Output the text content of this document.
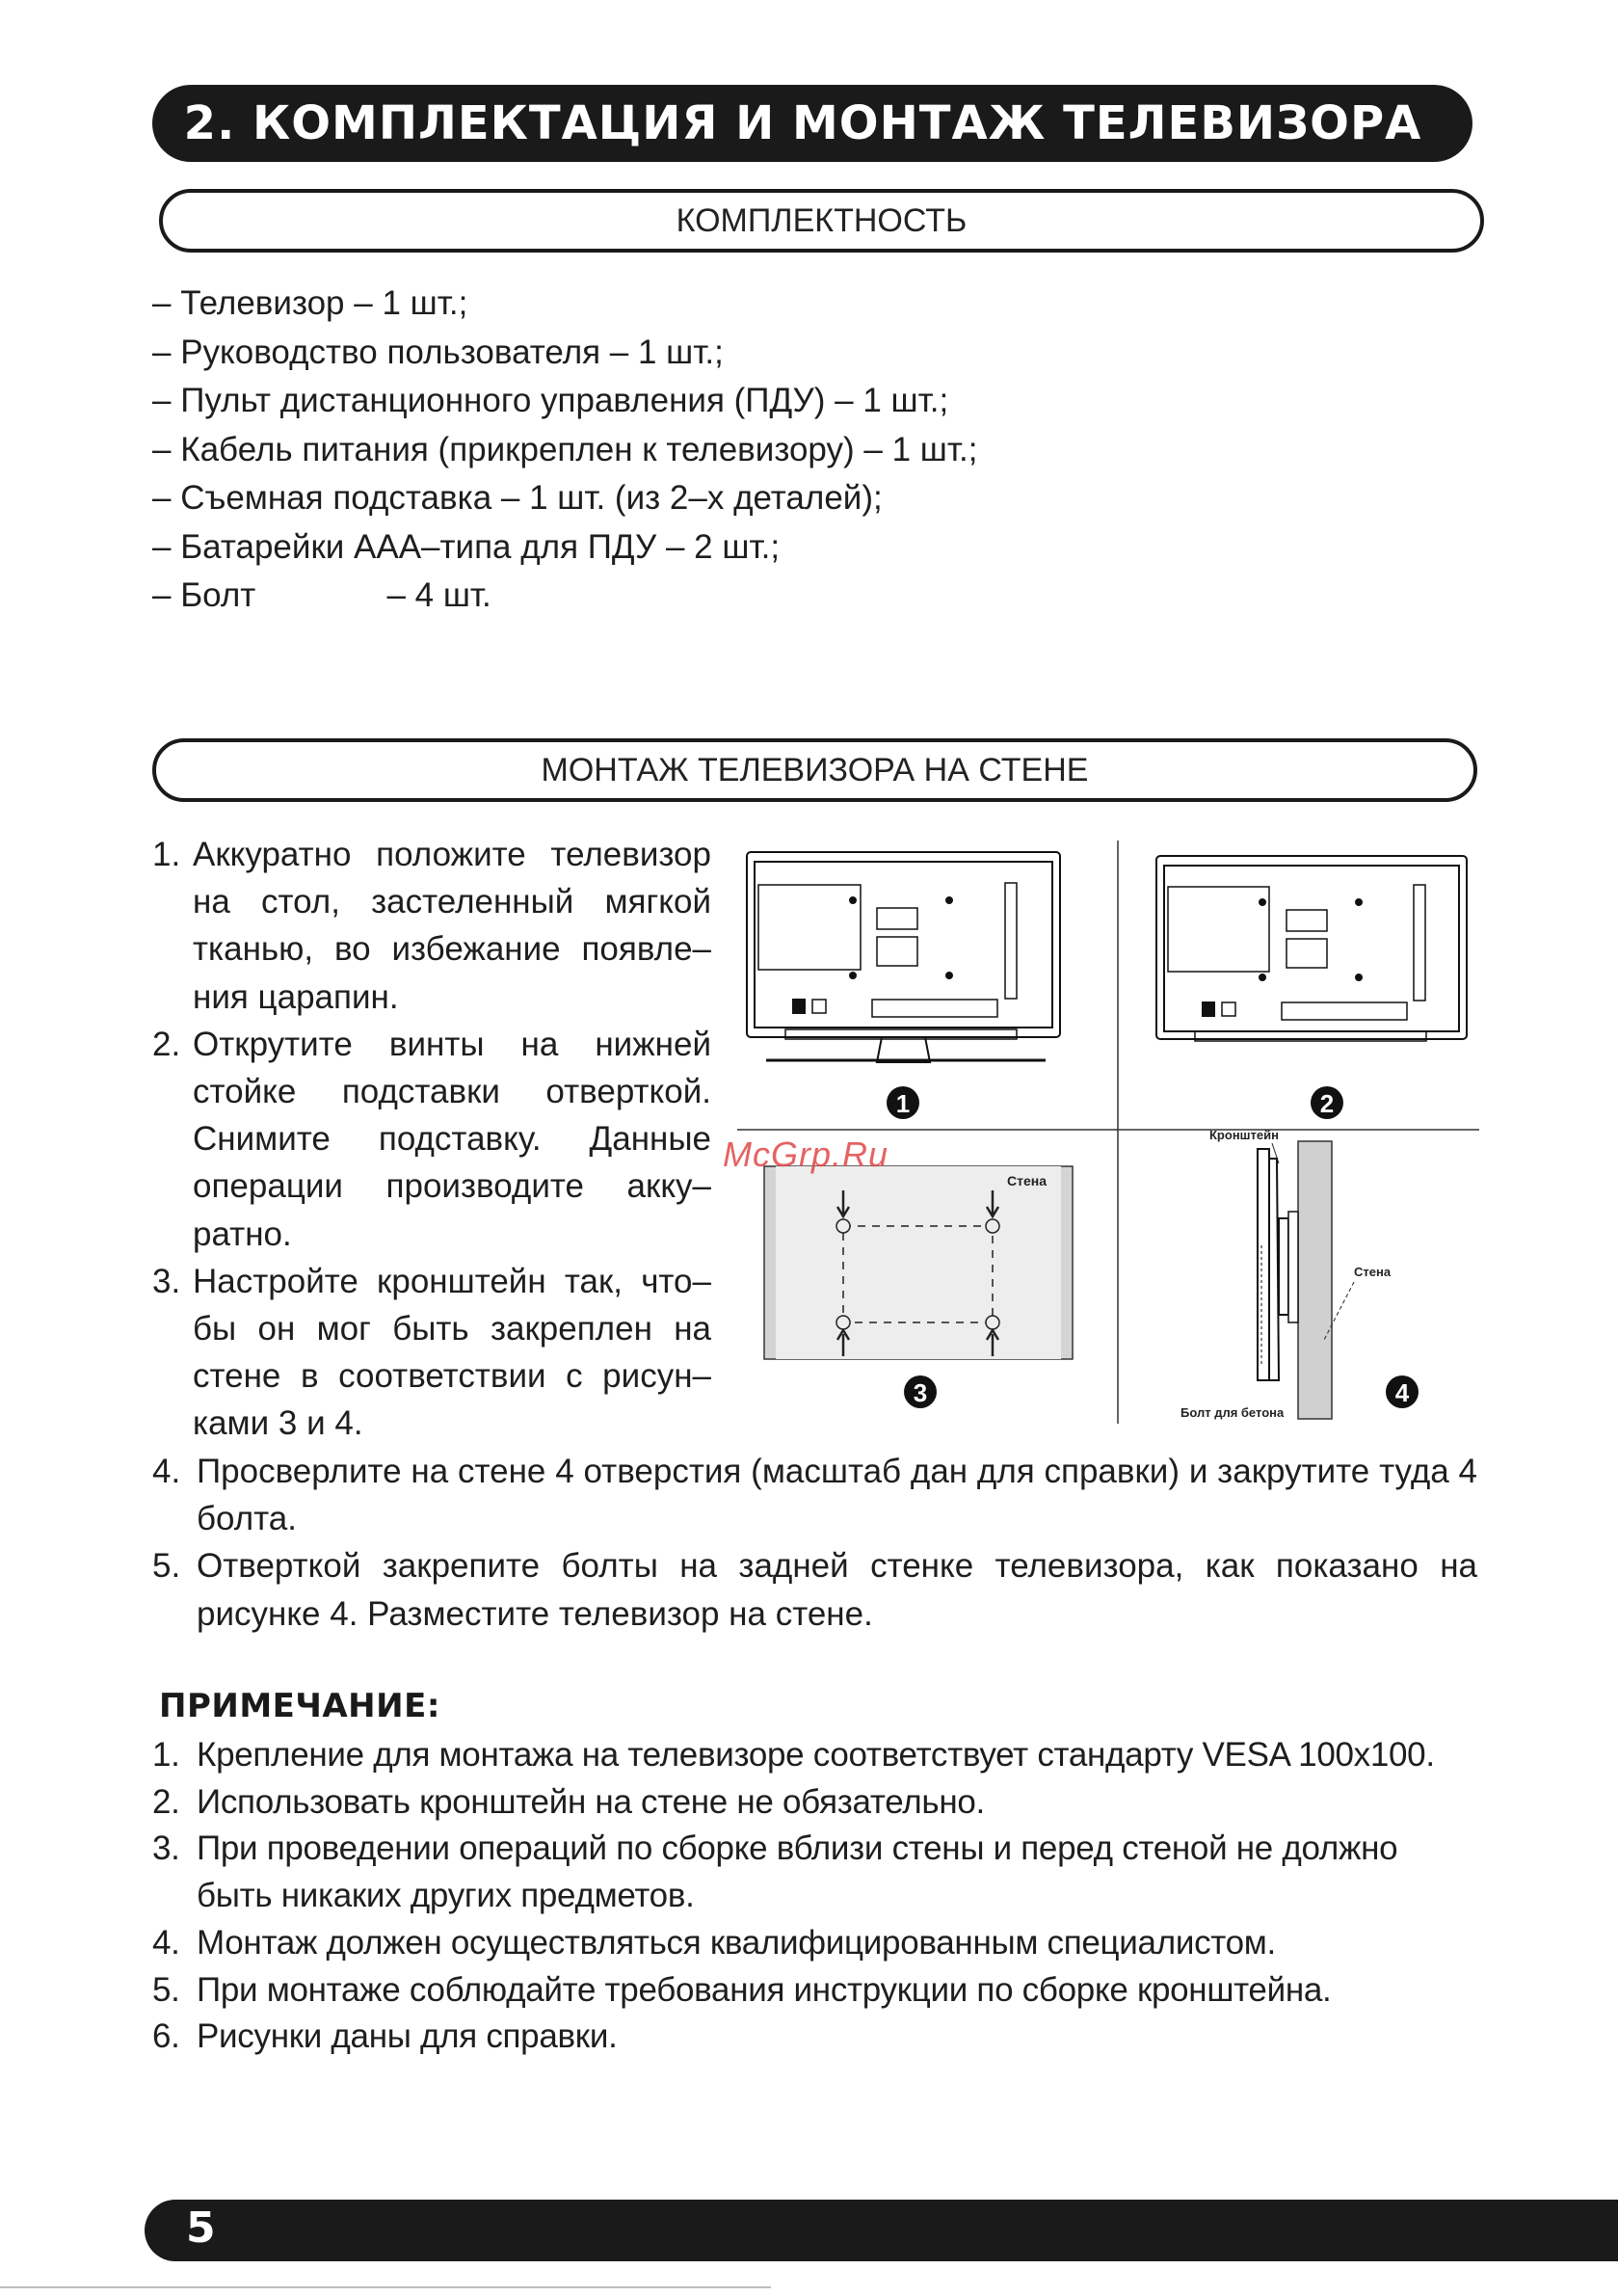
2. КОМПЛЕКТАЦИЯ И МОНТАЖ ТЕЛЕВИЗОРА
КОМПЛЕКТНОСТЬ
– Телевизор – 1 шт.;
– Руководство пользователя – 1 шт.;
– Пульт дистанционного управления (ПДУ) – 1 шт.;
– Кабель питания (прикреплен к телевизору) – 1 шт.;
– Съемная подставка – 1 шт. (из 2–х деталей);
– Батарейки ААА–типа для ПДУ – 2 шт.;
– Болт              – 4 шт.
МОНТАЖ ТЕЛЕВИЗОРА НА СТЕНЕ
1. Аккуратно положите телевизор на стол, застеленный мягкой тканью, во избежание появле– ния царапин.
2. Открутите винты на нижней стойке подставки отверткой. Снимите подставку. Данные операции производите акку– ратно.
3. Настройте кронштейн так, что– бы он мог быть закреплен на стене в соответствии с рисун– ками 3 и 4.
1	2
Стена
3
Кронштейн
Стена
Болт для бетона
4
McGrp.Ru
4. Просверлите на стене 4 отверстия (масштаб дан для справки) и закрутите туда 4 болта.
5. Отверткой закрепите болты на задней стенке телевизора, как показано на рисунке 4. Разместите телевизор на стене.
ПРИМЕЧАНИЕ:
1. Крепление для монтажа на телевизоре соответствует стандарту VESA 100x100.
2. Использовать кронштейн на стене не обязательно.
3. При проведении операций по сборке вблизи стены и перед стеной не должно быть никаких других предметов.
4. Монтаж должен осуществляться квалифицированным специалистом.
5. При монтаже соблюдайте требования инструкции по сборке кронштейна.
6. Рисунки даны для справки.
5
